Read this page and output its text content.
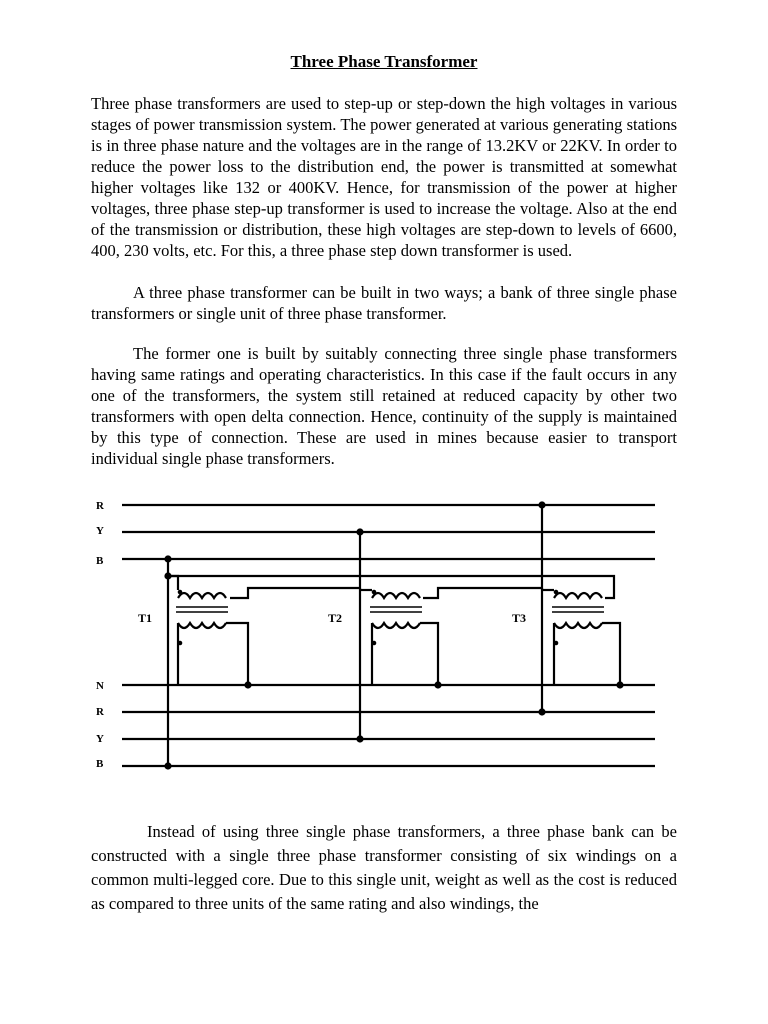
Three Phase Transformer

Three phase transformers are used to step-up or step-down the high voltages in various stages of power transmission system. The power generated at various generating stations is in three phase nature and the voltages are in the range of 13.2KV or 22KV. In order to reduce the power loss to the distribution end, the power is transmitted at somewhat higher voltages like 132 or 400KV. Hence, for transmission of the power at higher voltages, three phase step-up transformer is used to increase the voltage. Also at the end of the transmission or distribution, these high voltages are step-down to levels of 6600, 400, 230 volts, etc. For this, a three phase step down transformer is used.

A three phase transformer can be built in two ways; a bank of three single phase transformers or single unit of three phase transformer.

The former one is built by suitably connecting three single phase transformers having same ratings and operating characteristics. In this case if the fault occurs in any one of the transformers, the system still retained at reduced capacity by other two transformers with open delta connection. Hence, continuity of the supply is maintained by this type of connection. These are used in mines because easier to transport individual single phase transformers.

R
Y
B
N
R
Y
B
T1	T2	T3

Instead of using three single phase transformers, a three phase bank can be constructed with a single three phase transformer consisting of six windings on a common multi-legged core. Due to this single unit, weight as well as the cost is reduced as compared to three units of the same rating and also windings, the
